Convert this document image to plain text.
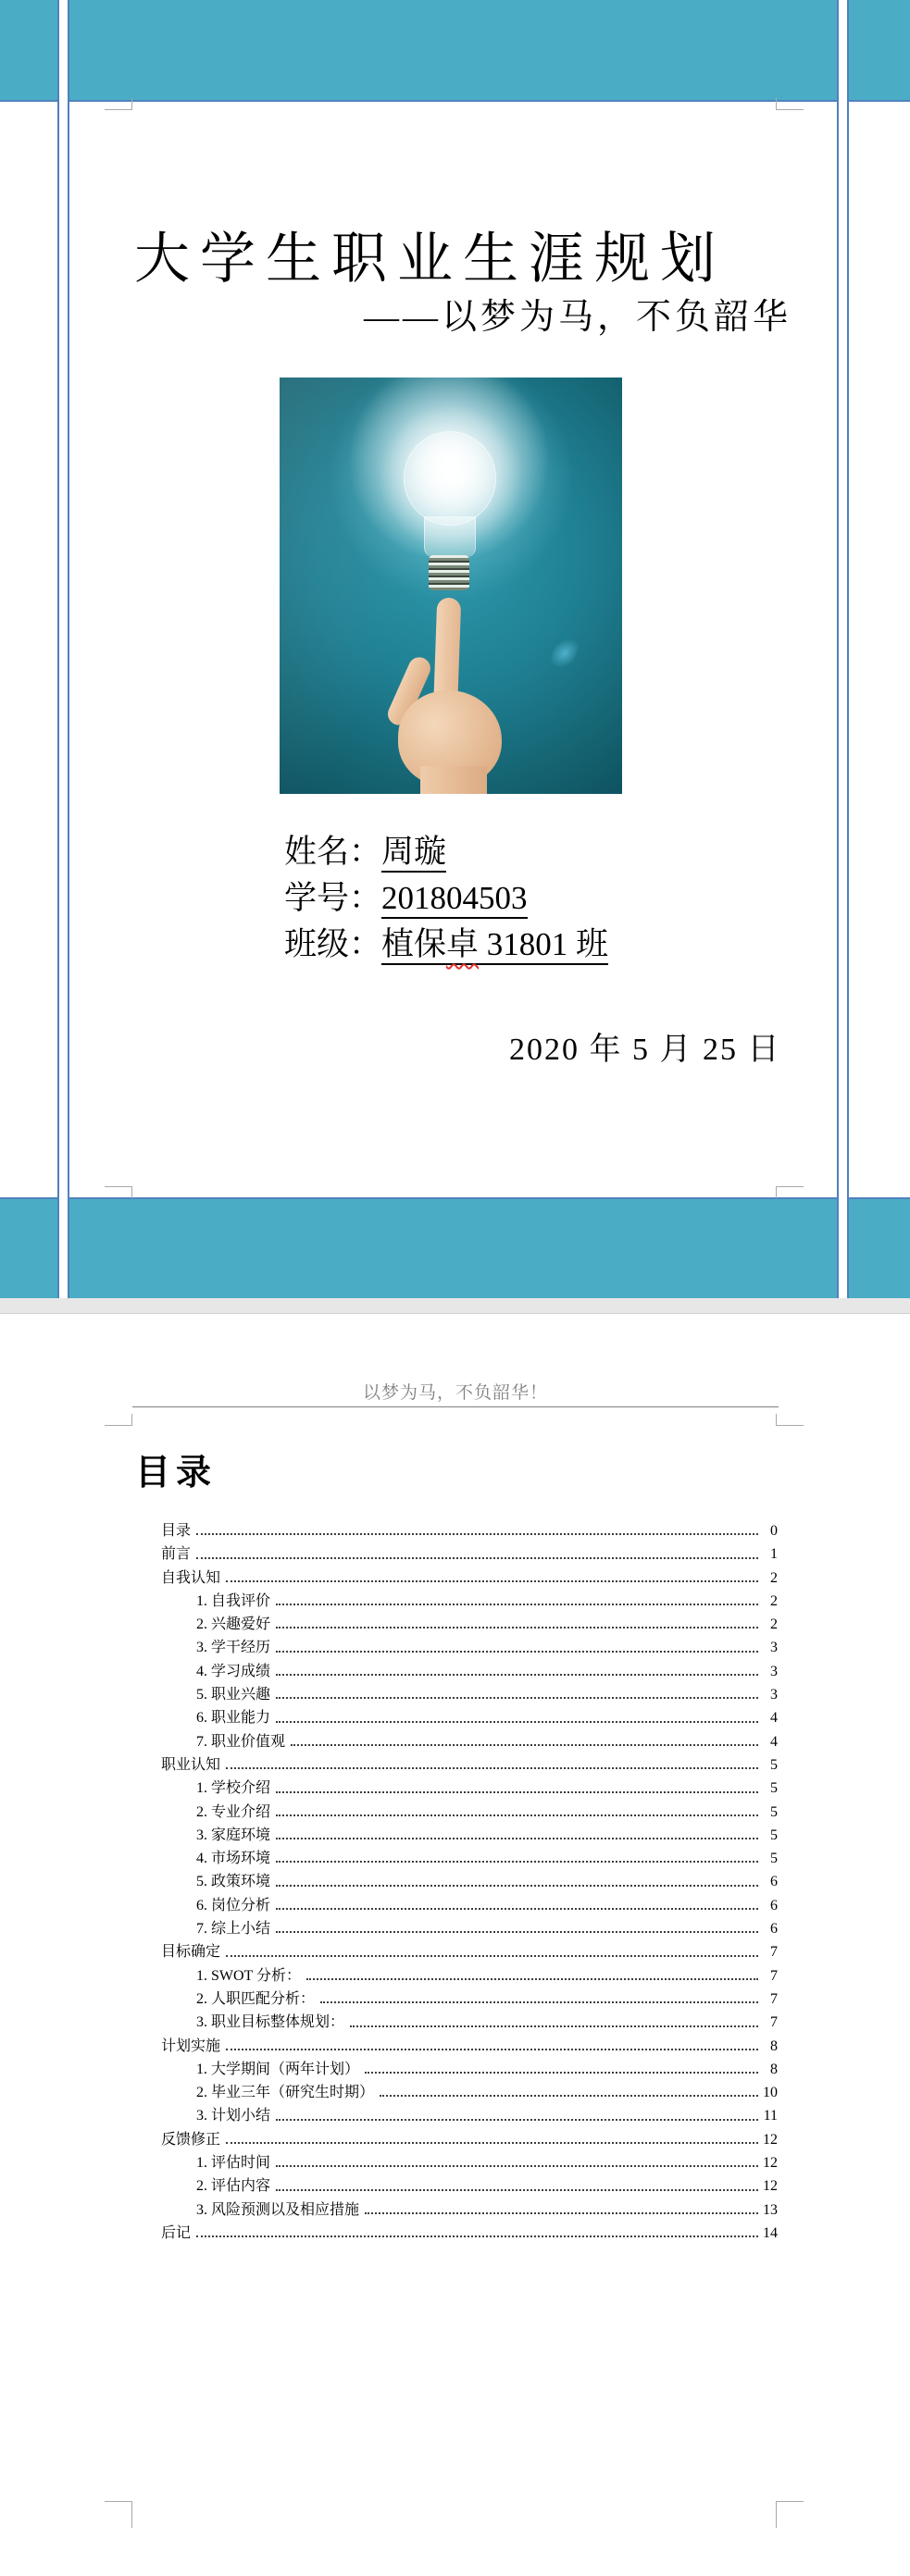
大学生职业生涯规划
——以梦为马，不负韶华
姓名：周璇
学号：201804503
班级：植保卓 31801 班
2020 年 5 月 25 日
以梦为马，不负韶华！
目录
目录	0
前言	1
自我认知	2
1. 自我评价	2
2. 兴趣爱好	2
3. 学干经历	3
4. 学习成绩	3
5. 职业兴趣	3
6. 职业能力	4
7. 职业价值观	4
职业认知	5
1. 学校介绍	5
2. 专业介绍	5
3. 家庭环境	5
4. 市场环境	5
5. 政策环境	6
6. 岗位分析	6
7. 综上小结	6
目标确定	7
1. SWOT 分析：	7
2. 人职匹配分析：	7
3. 职业目标整体规划：	7
计划实施	8
1. 大学期间（两年计划）	8
2. 毕业三年（研究生时期）	10
3. 计划小结	11
反馈修正	12
1. 评估时间	12
2. 评估内容	12
3. 风险预测以及相应措施	13
后记	14
